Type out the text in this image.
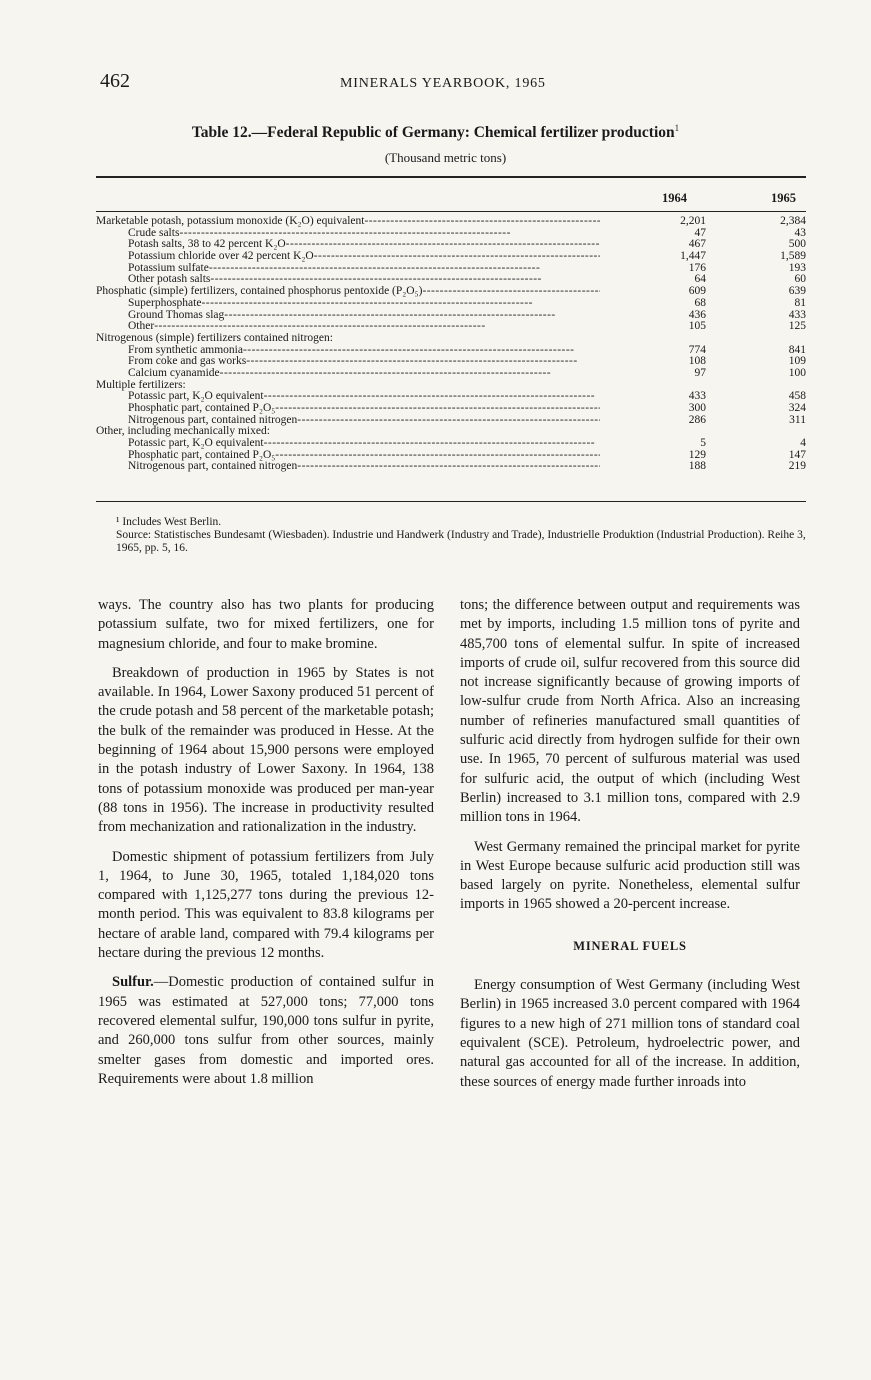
462	MINERALS YEARBOOK, 1965
Table 12.—Federal Republic of Germany: Chemical fertilizer production$^1$
(Thousand metric tons)
1964	1965
Marketable potash, potassium monoxide (K₂O) equivalent - - -	2,201	2,384
Crude salts - - -	47	43
Potash salts, 38 to 42 percent K₂O - - -	467	500
Potassium chloride over 42 percent K₂O - - -	1,447	1,589
Potassium sulfate - - -	176	193
Other potash salts - - -	64	60
Phosphatic (simple) fertilizers, contained phosphorus pentoxide (P₂O₅) - - -	609	639
Superphosphate - - -	68	81
Ground Thomas slag - - -	436	433
Other - - -	105	125
Nitrogenous (simple) fertilizers contained nitrogen:
From synthetic ammonia - - -	774	841
From coke and gas works - - -	108	109
Calcium cyanamide - - -	97	100
Multiple fertilizers:
Potassic part, K₂O equivalent - - -	433	458
Phosphatic part, contained P₂O₅ - - -	300	324
Nitrogenous part, contained nitrogen - - -	286	311
Other, including mechanically mixed:
Potassic part, K₂O equivalent - - -	5	4
Phosphatic part, contained P₂O₅ - - -	129	147
Nitrogenous part, contained nitrogen - - -	188	219

¹ Includes West Berlin.

Source: Statistisches Bundesamt (Wiesbaden). Industrie und Handwerk (Industry and Trade), Industrielle Produktion (Industrial Production). Reihe 3, 1965, pp. 5, 16.

ways. The country also has two plants for producing potassium sulfate, two for mixed fertilizers, one for magnesium chloride, and four to make bromine.

Breakdown of production in 1965 by States is not available. In 1964, Lower Saxony produced 51 percent of the crude potash and 58 percent of the marketable potash; the bulk of the remainder was produced in Hesse. At the beginning of 1964 about 15,900 persons were employed in the potash industry of Lower Saxony. In 1964, 138 tons of potassium monoxide was produced per man-year (88 tons in 1956). The increase in productivity resulted from mechanization and rationalization in the industry.

Domestic shipment of potassium fertilizers from July 1, 1964, to June 30, 1965, totaled 1,184,020 tons compared with 1,125,277 tons during the previous 12-month period. This was equivalent to 83.8 kilograms per hectare of arable land, compared with 79.4 kilograms per hectare during the previous 12 months.

Sulfur.—Domestic production of contained sulfur in 1965 was estimated at 527,000 tons; 77,000 tons recovered elemental sulfur, 190,000 tons sulfur in pyrite, and 260,000 tons sulfur from other sources, mainly smelter gases from domestic and imported ores. Requirements were about 1.8 million

tons; the difference between output and requirements was met by imports, including 1.5 million tons of pyrite and 485,700 tons of elemental sulfur. In spite of increased imports of crude oil, sulfur recovered from this source did not increase significantly because of growing imports of low-sulfur crude from North Africa. Also an increasing number of refineries manufactured small quantities of sulfuric acid directly from hydrogen sulfide for their own use. In 1965, 70 percent of sulfurous material was used for sulfuric acid, the output of which (including West Berlin) increased to 3.1 million tons, compared with 2.9 million tons in 1964.

West Germany remained the principal market for pyrite in West Europe because sulfuric acid production still was based largely on pyrite. Nonetheless, elemental sulfur imports in 1965 showed a 20-percent increase.

MINERAL FUELS

Energy consumption of West Germany (including West Berlin) in 1965 increased 3.0 percent compared with 1964 figures to a new high of 271 million tons of standard coal equivalent (SCE). Petroleum, hydroelectric power, and natural gas accounted for all of the increase. In addition, these sources of energy made further inroads into
